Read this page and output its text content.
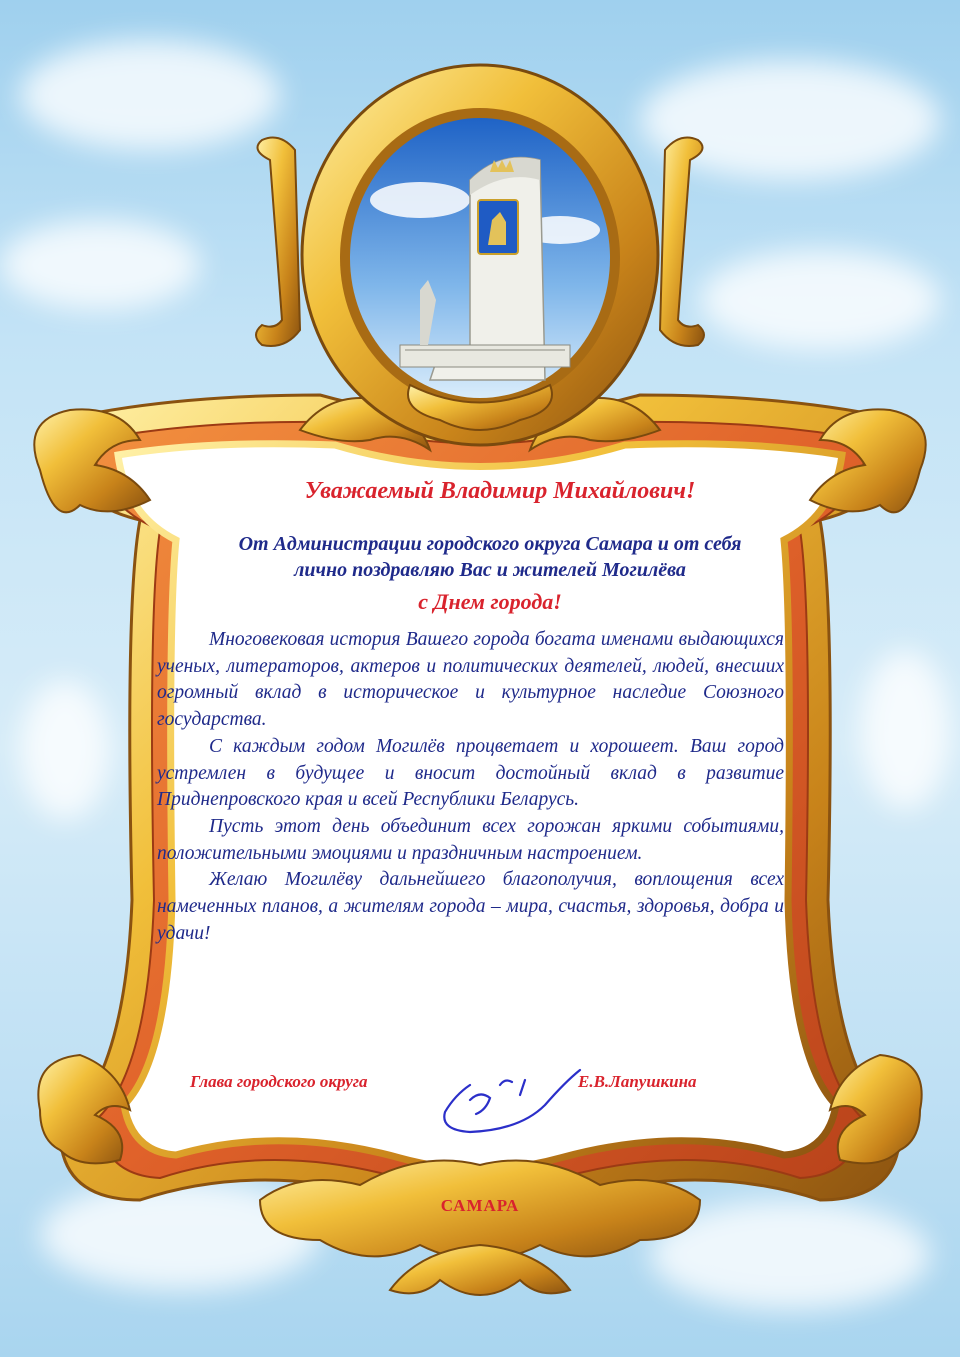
Уважаемый Владимир Михайлович!
От Администрации городского округа Самара и от себя
лично поздравляю Вас и жителей Могилёва
с Днем города!

Многовековая история Вашего города богата именами выдающихся ученых, литераторов, актеров и политических деятелей, людей, внесших огромный вклад в историческое и культурное наследие Союзного государства.

С каждым годом Могилёв процветает и хорошеет. Ваш город устремлен в будущее и вносит достойный вклад в развитие Приднепровского края и всей Республики Беларусь.

Пусть этот день объединит всех горожан яркими событиями, положительными эмоциями и праздничным настроением.

Желаю Могилёву дальнейшего благополучия, воплощения всех намеченных планов, а жителям города – мира, счастья, здоровья, добра и удачи!

Глава городского округа	Е.В.Лапушкина
САМАРА
